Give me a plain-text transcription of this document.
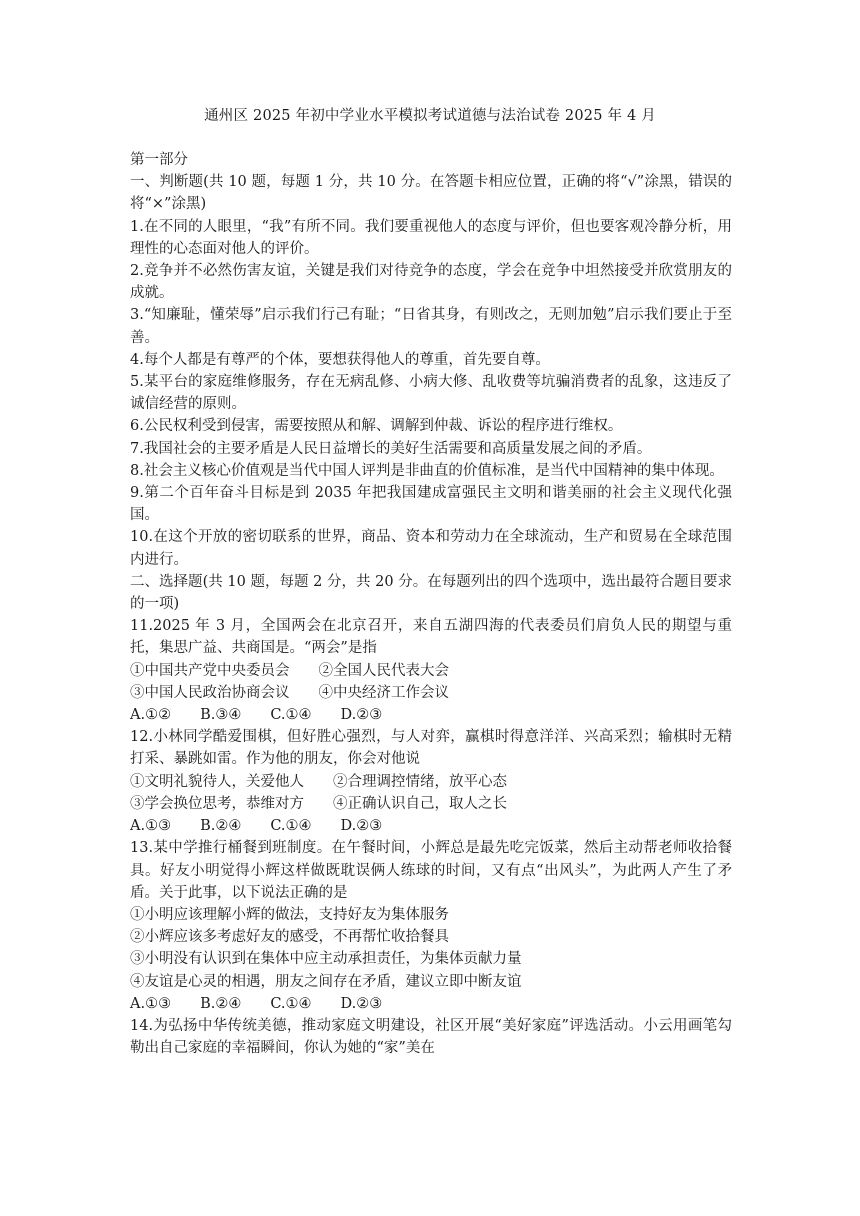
通州区 2025 年初中学业水平模拟考试道德与法治试卷 2025 年 4 月

第一部分

一、判断题(共 10 题，每题 1 分，共 10 分。在答题卡相应位置，正确的将“√”涂黑，错误的将“×”涂黑)

1.在不同的人眼里，“我”有所不同。我们要重视他人的态度与评价，但也要客观冷静分析，用理性的心态面对他人的评价。

2.竞争并不必然伤害友谊，关键是我们对待竞争的态度，学会在竞争中坦然接受并欣赏朋友的成就。

3.“知廉耻，懂荣辱”启示我们行己有耻；“日省其身，有则改之，无则加勉”启示我们要止于至善。

4.每个人都是有尊严的个体，要想获得他人的尊重，首先要自尊。

5.某平台的家庭维修服务，存在无病乱修、小病大修、乱收费等坑骗消费者的乱象，这违反了诚信经营的原则。

6.公民权利受到侵害，需要按照从和解、调解到仲裁、诉讼的程序进行维权。

7.我国社会的主要矛盾是人民日益增长的美好生活需要和高质量发展之间的矛盾。

8.社会主义核心价值观是当代中国人评判是非曲直的价值标准，是当代中国精神的集中体现。

9.第二个百年奋斗目标是到 2035 年把我国建成富强民主文明和谐美丽的社会主义现代化强国。

10.在这个开放的密切联系的世界，商品、资本和劳动力在全球流动，生产和贸易在全球范围内进行。

二、选择题(共 10 题，每题 2 分，共 20 分。在每题列出的四个选项中，选出最符合题目要求的一项)

11.2025 年 3 月，全国两会在北京召开，来自五湖四海的代表委员们肩负人民的期望与重托，集思广益、共商国是。“两会”是指

①中国共产党中央委员会　　②全国人民代表大会

③中国人民政治协商会议　　④中央经济工作会议

A.①②　　B.③④　　C.①④　　D.②③

12.小林同学酷爱围棋，但好胜心强烈，与人对弈，赢棋时得意洋洋、兴高采烈；输棋时无精打采、暴跳如雷。作为他的朋友，你会对他说

①文明礼貌待人，关爱他人　　②合理调控情绪，放平心态

③学会换位思考，恭维对方　　④正确认识自己，取人之长

A.①③　　B.②④　　C.①④　　D.②③

13.某中学推行桶餐到班制度。在午餐时间，小辉总是最先吃完饭菜，然后主动帮老师收拾餐具。好友小明觉得小辉这样做既耽误俩人练球的时间，又有点“出风头”，为此两人产生了矛盾。关于此事，以下说法正确的是

①小明应该理解小辉的做法，支持好友为集体服务

②小辉应该多考虑好友的感受，不再帮忙收拾餐具

③小明没有认识到在集体中应主动承担责任，为集体贡献力量

④友谊是心灵的相遇，朋友之间存在矛盾，建议立即中断友谊

A.①③　　B.②④　　C.①④　　D.②③

14.为弘扬中华传统美德，推动家庭文明建设，社区开展“美好家庭”评选活动。小云用画笔勾勒出自己家庭的幸福瞬间，你认为她的“家”美在
